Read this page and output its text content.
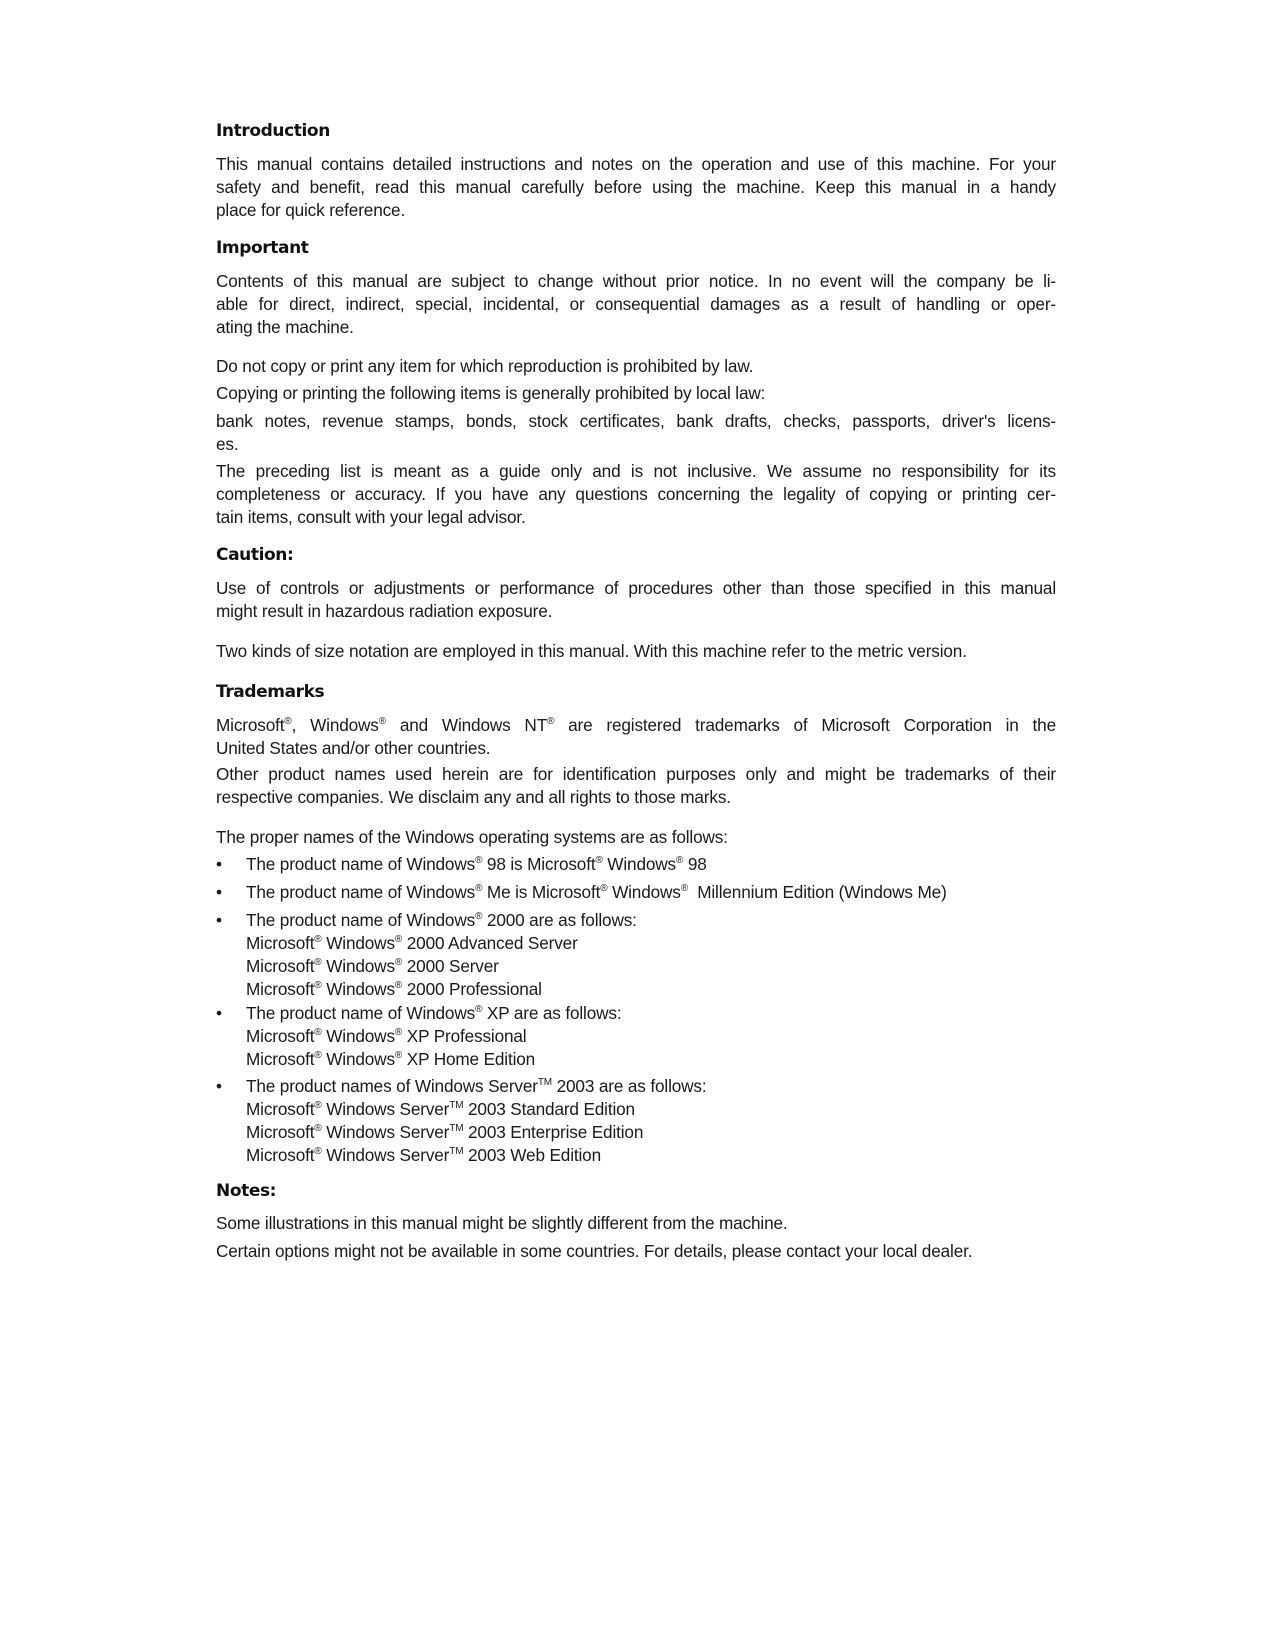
Introduction
This manual contains detailed instructions and notes on the operation and use of this machine. For your
safety and benefit, read this manual carefully before using the machine. Keep this manual in a handy
place for quick reference.
Important
Contents of this manual are subject to change without prior notice. In no event will the company be li-
able for direct, indirect, special, incidental, or consequential damages as a result of handling or oper-
ating the machine.
Do not copy or print any item for which reproduction is prohibited by law.
Copying or printing the following items is generally prohibited by local law:
bank notes, revenue stamps, bonds, stock certificates, bank drafts, checks, passports, driver's licens-
es.
The preceding list is meant as a guide only and is not inclusive. We assume no responsibility for its
completeness or accuracy. If you have any questions concerning the legality of copying or printing cer-
tain items, consult with your legal advisor.
Caution:
Use of controls or adjustments or performance of procedures other than those specified in this manual
might result in hazardous radiation exposure.
Two kinds of size notation are employed in this manual. With this machine refer to the metric version.
Trademarks
Microsoft®, Windows® and Windows NT® are registered trademarks of Microsoft Corporation in the
United States and/or other countries.
Other product names used herein are for identification purposes only and might be trademarks of their
respective companies. We disclaim any and all rights to those marks.
The proper names of the Windows operating systems are as follows:
• The product name of Windows® 98 is Microsoft® Windows® 98
• The product name of Windows® Me is Microsoft® Windows®  Millennium Edition (Windows Me)
• The product name of Windows® 2000 are as follows:
Microsoft® Windows® 2000 Advanced Server
Microsoft® Windows® 2000 Server
Microsoft® Windows® 2000 Professional
• The product name of Windows® XP are as follows:
Microsoft® Windows® XP Professional
Microsoft® Windows® XP Home Edition
• The product names of Windows Server™ 2003 are as follows:
Microsoft® Windows Server™ 2003 Standard Edition
Microsoft® Windows Server™ 2003 Enterprise Edition
Microsoft® Windows Server™ 2003 Web Edition
Notes:
Some illustrations in this manual might be slightly different from the machine.
Certain options might not be available in some countries. For details, please contact your local dealer.
